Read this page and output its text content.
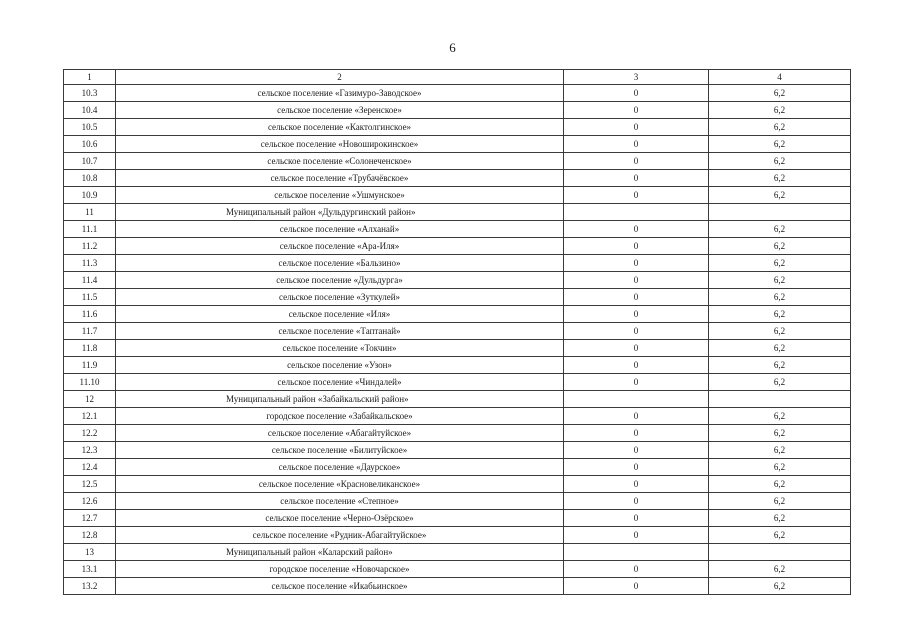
6
1	2	3	4
10.3	сельское поселение «Газимуро-Заводское»	0	6,2
10.4	сельское поселение «Зеренское»	0	6,2
10.5	сельское поселение «Кактолгинское»	0	6,2
10.6	сельское поселение «Новоширокинское»	0	6,2
10.7	сельское поселение «Солонеченское»	0	6,2
10.8	сельское поселение «Трубачёвское»	0	6,2
10.9	сельское поселение «Ушмунское»	0	6,2
11	Муниципальный район «Дульдургинский район»		
11.1	сельское поселение «Алханай»	0	6,2
11.2	сельское поселение «Ара-Иля»	0	6,2
11.3	сельское поселение «Бальзино»	0	6,2
11.4	сельское поселение «Дульдурга»	0	6,2
11.5	сельское поселение «Зуткулей»	0	6,2
11.6	сельское поселение «Иля»	0	6,2
11.7	сельское поселение «Таптанай»	0	6,2
11.8	сельское поселение «Токчин»	0	6,2
11.9	сельское поселение «Узон»	0	6,2
11.10	сельское поселение «Чиндалей»	0	6,2
12	Муниципальный район «Забайкальский район»		
12.1	городское поселение «Забайкальское»	0	6,2
12.2	сельское поселение «Абагайтуйское»	0	6,2
12.3	сельское поселение «Билитуйское»	0	6,2
12.4	сельское поселение «Даурское»	0	6,2
12.5	сельское поселение «Красновеликанское»	0	6,2
12.6	сельское поселение «Степное»	0	6,2
12.7	сельское поселение «Черно-Озёрское»	0	6,2
12.8	сельское поселение «Рудник-Абагайтуйское»	0	6,2
13	Муниципальный район «Каларский район»		
13.1	городское поселение «Новочарское»	0	6,2
13.2	сельское поселение «Икабьинское»	0	6,2
